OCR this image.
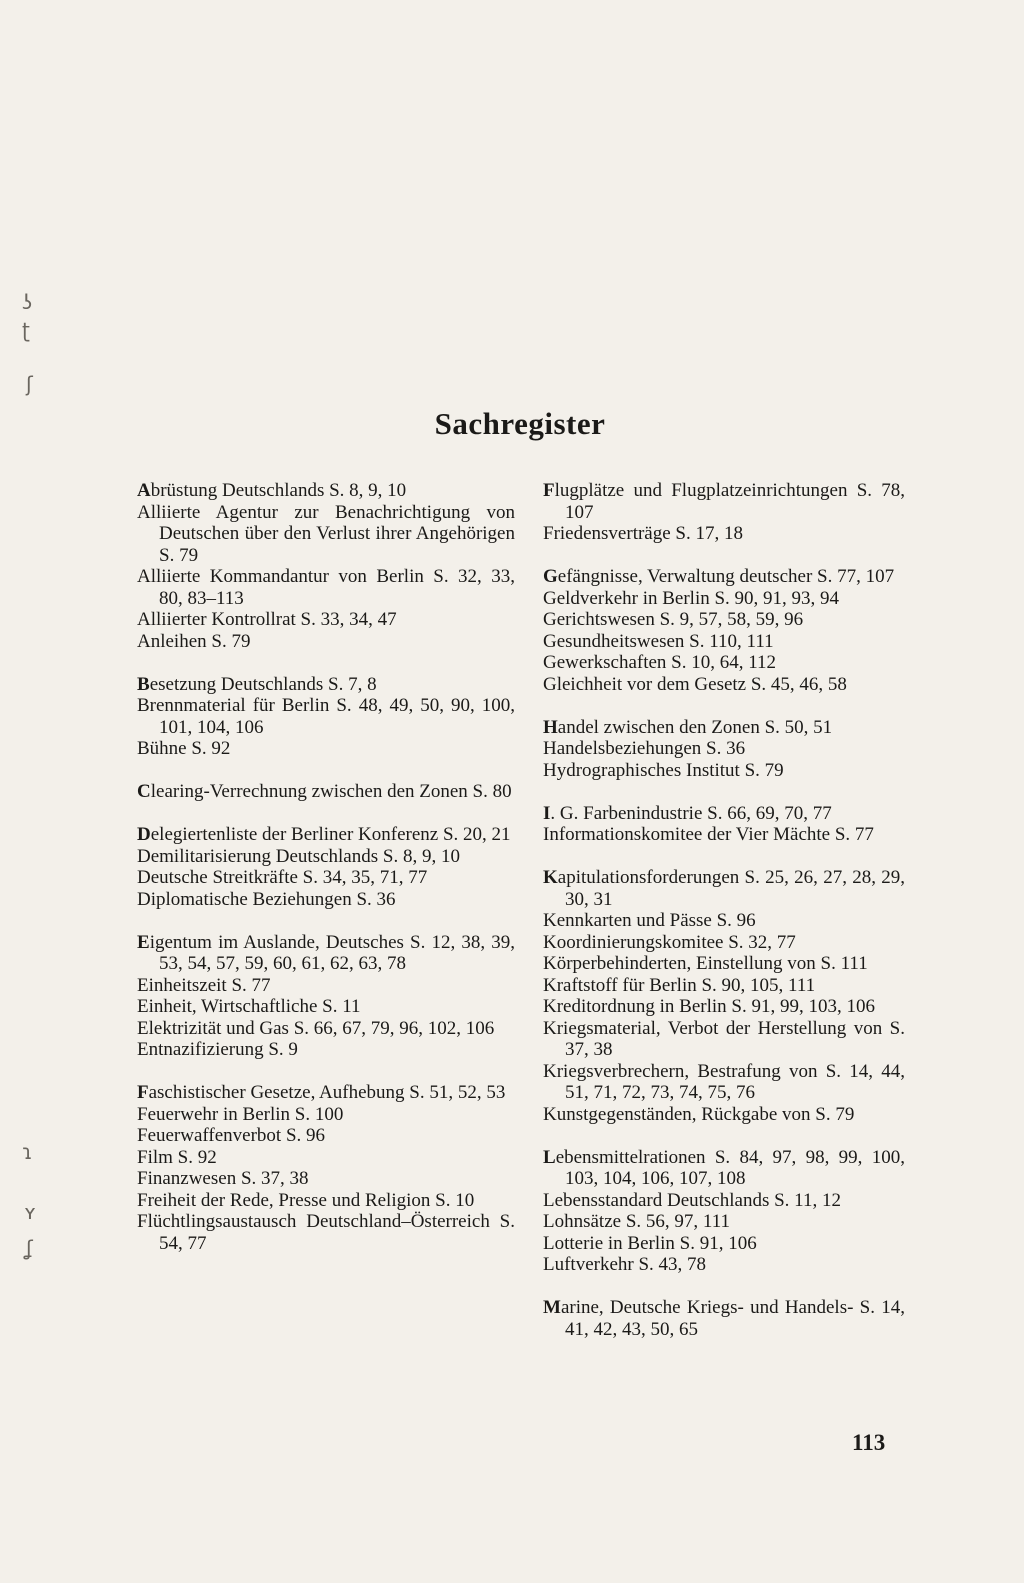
ʖ
ʈ
ʃ
ɿ
ʏ
ʆ
Sachregister
Abrüstung Deutschlands S. 8, 9, 10
Alliierte Agentur zur Benachrichtigung von Deutschen über den Verlust ihrer Angehörigen S. 79
Alliierte Kommandantur von Berlin S. 32, 33, 80, 83–113
Alliierter Kontrollrat S. 33, 34, 47
Anleihen S. 79
Besetzung Deutschlands S. 7, 8
Brennmaterial für Berlin S. 48, 49, 50, 90, 100, 101, 104, 106
Bühne S. 92
Clearing-Verrechnung zwischen den Zonen S. 80
Delegiertenliste der Berliner Konferenz S. 20, 21
Demilitarisierung Deutschlands S. 8, 9, 10
Deutsche Streitkräfte S. 34, 35, 71, 77
Diplomatische Beziehungen S. 36
Eigentum im Auslande, Deutsches S. 12, 38, 39, 53, 54, 57, 59, 60, 61, 62, 63, 78
Einheitszeit S. 77
Einheit, Wirtschaftliche S. 11
Elektrizität und Gas S. 66, 67, 79, 96, 102, 106
Entnazifizierung S. 9
Faschistischer Gesetze, Aufhebung S. 51, 52, 53
Feuerwehr in Berlin S. 100
Feuerwaffenverbot S. 96
Film S. 92
Finanzwesen S. 37, 38
Freiheit der Rede, Presse und Religion S. 10
Flüchtlingsaustausch Deutschland–Österreich S. 54, 77
Flugplätze und Flugplatzeinrichtungen S. 78, 107
Friedensverträge S. 17, 18
Gefängnisse, Verwaltung deutscher S. 77, 107
Geldverkehr in Berlin S. 90, 91, 93, 94
Gerichtswesen S. 9, 57, 58, 59, 96
Gesundheitswesen S. 110, 111
Gewerkschaften S. 10, 64, 112
Gleichheit vor dem Gesetz S. 45, 46, 58
Handel zwischen den Zonen S. 50, 51
Handelsbeziehungen S. 36
Hydrographisches Institut S. 79
I. G. Farbenindustrie S. 66, 69, 70, 77
Informationskomitee der Vier Mächte S. 77
Kapitulationsforderungen S. 25, 26, 27, 28, 29, 30, 31
Kennkarten und Pässe S. 96
Koordinierungskomitee S. 32, 77
Körperbehinderten, Einstellung von S. 111
Kraftstoff für Berlin S. 90, 105, 111
Kreditordnung in Berlin S. 91, 99, 103, 106
Kriegsmaterial, Verbot der Herstellung von S. 37, 38
Kriegsverbrechern, Bestrafung von S. 14, 44, 51, 71, 72, 73, 74, 75, 76
Kunstgegenständen, Rückgabe von S. 79
Lebensmittelrationen S. 84, 97, 98, 99, 100, 103, 104, 106, 107, 108
Lebensstandard Deutschlands S. 11, 12
Lohnsätze S. 56, 97, 111
Lotterie in Berlin S. 91, 106
Luftverkehr S. 43, 78
Marine, Deutsche Kriegs- und Handels- S. 14, 41, 42, 43, 50, 65
113
